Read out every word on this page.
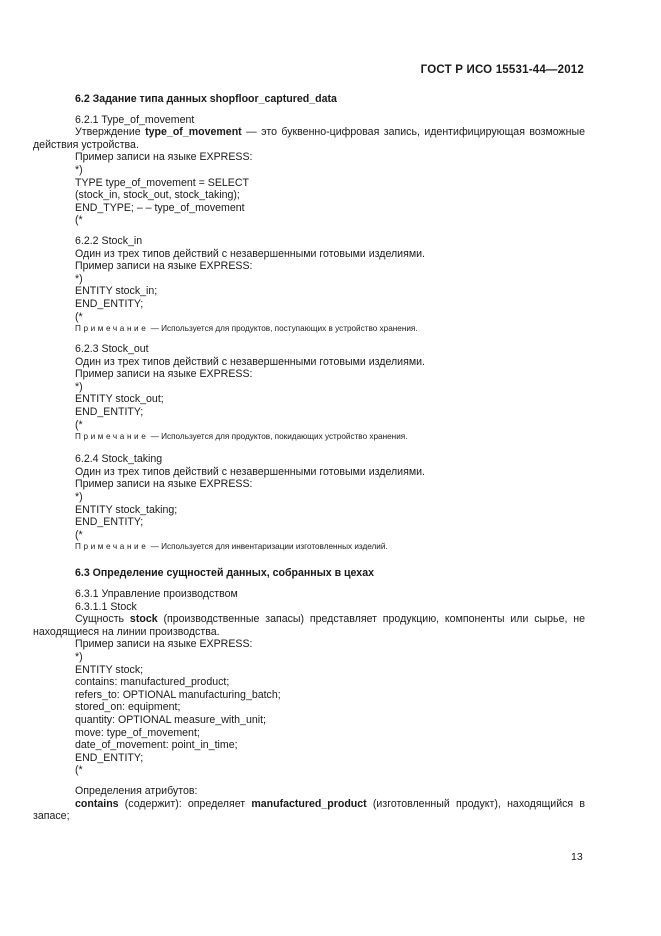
ГОСТ Р ИСО 15531-44—2012
6.2 Задание типа данных shopfloor_captured_data
6.2.1 Type_of_movement
Утверждение type_of_movement — это буквенно-цифровая запись, идентифицирующая возможные действия устройства.
Пример записи на языке EXPRESS:
*)
TYPE type_of_movement = SELECT
(stock_in, stock_out, stock_taking);
END_TYPE; – – type_of_movement
(*
6.2.2 Stock_in
Один из трех типов действий с незавершенными готовыми изделиями.
Пример записи на языке EXPRESS:
*)
ENTITY stock_in;
END_ENTITY;
(*
Примечание — Используется для продуктов, поступающих в устройство хранения.
6.2.3 Stock_out
Один из трех типов действий с незавершенными готовыми изделиями.
Пример записи на языке EXPRESS:
*)
ENTITY stock_out;
END_ENTITY;
(*
Примечание — Используется для продуктов, покидающих устройство хранения.
6.2.4 Stock_taking
Один из трех типов действий с незавершенными готовыми изделиями.
Пример записи на языке EXPRESS:
*)
ENTITY stock_taking;
END_ENTITY;
(*
Примечание — Используется для инвентаризации изготовленных изделий.
6.3 Определение сущностей данных, собранных в цехах
6.3.1 Управление производством
6.3.1.1 Stock
Сущность stock (производственные запасы) представляет продукцию, компоненты или сырье, не находящиеся на линии производства.
Пример записи на языке EXPRESS:
*)
ENTITY stock;
contains: manufactured_product;
refers_to: OPTIONAL manufacturing_batch;
stored_on: equipment;
quantity: OPTIONAL measure_with_unit;
move: type_of_movement;
date_of_movement: point_in_time;
END_ENTITY;
(*
Определения атрибутов:
contains (содержит): определяет manufactured_product (изготовленный продукт), находящийся в запасе;
13
